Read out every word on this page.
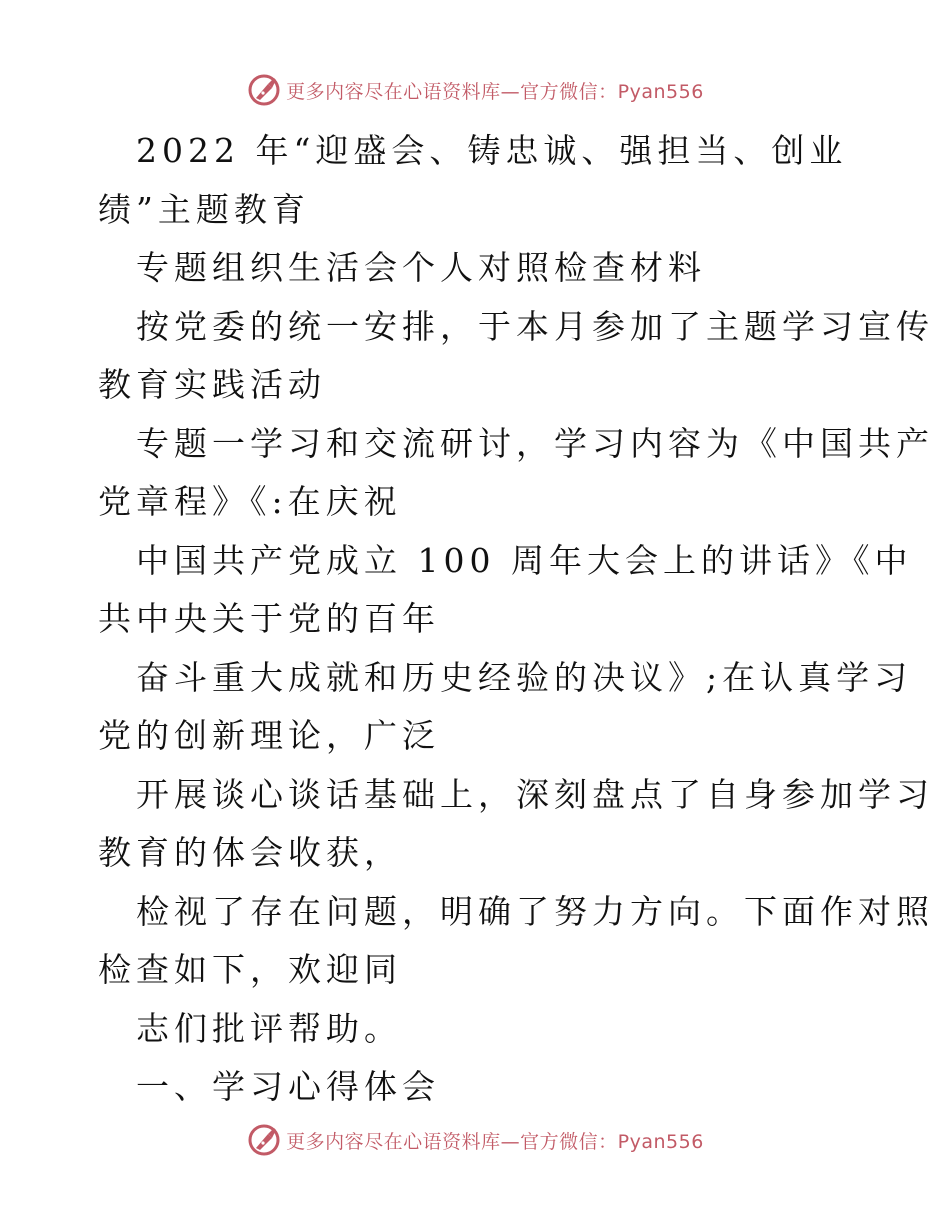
更多内容尽在心语资料库—官方微信：Pyan556

2022 年“迎盛会、铸忠诚、强担当、创业

绩”主题教育

专题组织生活会个人对照检查材料

按党委的统一安排，于本月参加了主题学习宣传

教育实践活动

专题一学习和交流研讨，学习内容为《中国共产

党章程》《:在庆祝

中国共产党成立 100 周年大会上的讲话》《中

共中央关于党的百年

奋斗重大成就和历史经验的决议》;在认真学习

党的创新理论，广泛

开展谈心谈话基础上，深刻盘点了自身参加学习

教育的体会收获，

检视了存在问题，明确了努力方向。下面作对照

检查如下，欢迎同

志们批评帮助。

一、学习心得体会

更多内容尽在心语资料库—官方微信：Pyan556
